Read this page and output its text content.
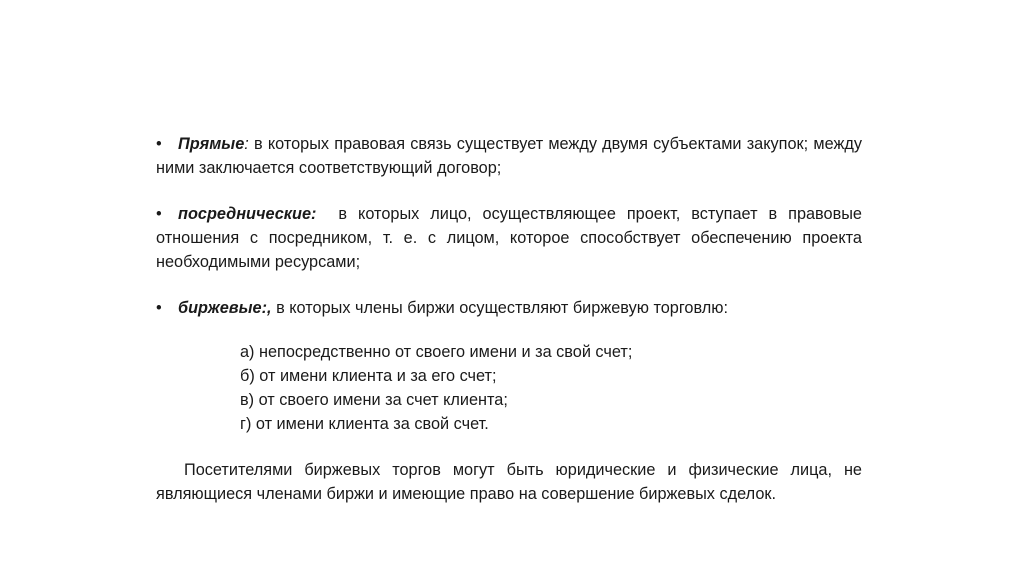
• Прямые: в которых правовая связь существует между двумя субъектами закупок; между ними заключается соответствующий договор;

• посреднические:  в которых лицо, осуществляющее проект, вступает в правовые отношения с посредником, т. е. с лицом, которое способствует обеспечению проекта необходимыми ресурсами;

• биржевые:, в которых члены биржи осуществляют биржевую торговлю:

а) непосредственно от своего имени и за свой счет;
б) от имени клиента и за его счет;
в) от своего имени за счет клиента;
г) от имени клиента за свой счет.

Посетителями биржевых торгов могут быть юридические и физические лица, не являющиеся членами биржи и имеющие право на совершение биржевых сделок.
